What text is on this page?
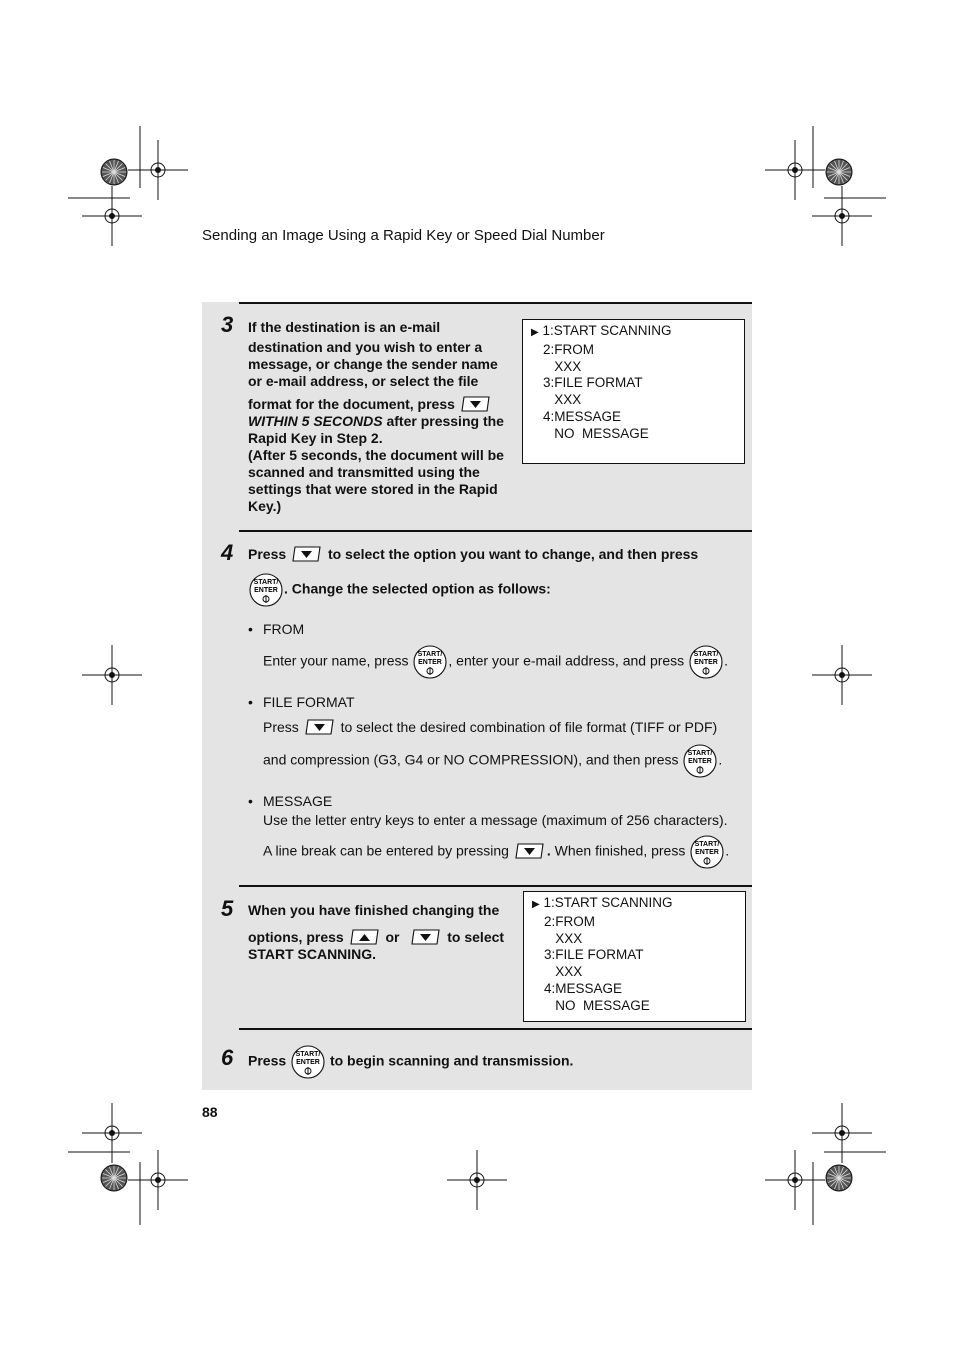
Sending an Image Using a Rapid Key or Speed Dial Number
3 If the destination is an e-mail
destination and you wish to enter a
message, or change the sender name
or e-mail address, or select the file
format for the document, press
WITHIN 5 SECONDS after pressing the
Rapid Key in Step 2.
(After 5 seconds, the document will be
scanned and transmitted using the
settings that were stored in the Rapid
Key.)
▶ 1:START SCANNING
2:FROM
XXX
3:FILE FORMAT
XXX
4:MESSAGE
NO  MESSAGE
4 Press	to select the option you want to change, and then press
START/
ENTER . Change the selected option as follows:
• FROM
Enter your name, press START/
ENTER , enter your e-mail address, and press START/
ENTER .
• FILE FORMAT
Press	to select the desired combination of file format (TIFF or PDF)
and compression (G3, G4 or NO COMPRESSION), and then press START/
ENTER .
• MESSAGE
Use the letter entry keys to enter a message (maximum of 256 characters).
A line break can be entered by pressing	. When finished, press START/
ENTER .
5 When you have finished changing the
options, press	or	to select
START SCANNING.
▶ 1:START SCANNING
2:FROM
XXX
3:FILE FORMAT
XXX
4:MESSAGE
NO  MESSAGE
6 Press START/
ENTER to begin scanning and transmission.
88
